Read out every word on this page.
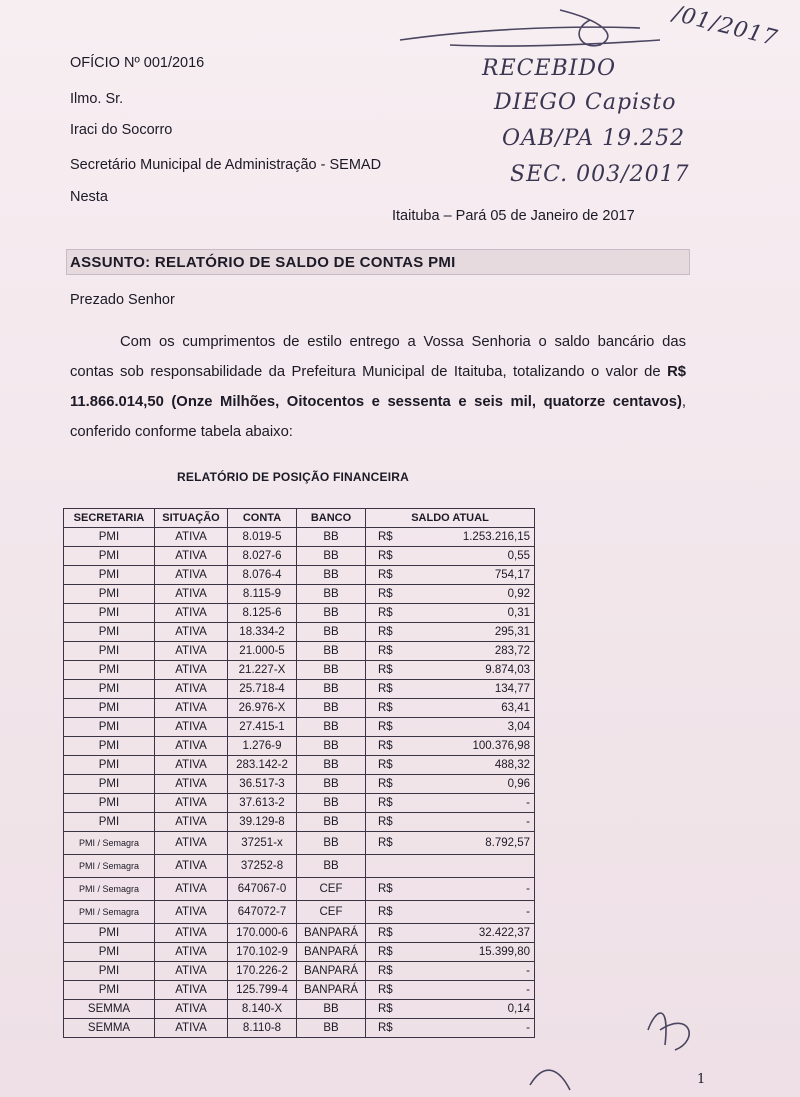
/01/2017
RECEBIDO
DIEGO Capisto
OAB/PA 19.252
SEC. 003/2017
OFÍCIO Nº 001/2016
Ilmo. Sr.
Iraci do Socorro
Secretário Municipal de Administração - SEMAD
Nesta
Itaituba – Pará 05 de Janeiro de 2017
ASSUNTO: RELATÓRIO DE SALDO DE CONTAS PMI
Prezado Senhor

Com os cumprimentos de estilo entrego a Vossa Senhoria o saldo bancário das contas sob responsabilidade da Prefeitura Municipal de Itaituba, totalizando o valor de R$ 11.866.014,50 (Onze Milhões, Oitocentos e sessenta e seis mil, quatorze centavos), conferido conforme tabela abaixo:

RELATÓRIO DE POSIÇÃO FINANCEIRA
SECRETARIA	SITUAÇÃO	CONTA	BANCO	SALDO ATUAL	
PMI	ATIVA	8.019-5	BB	R$	1.253.216,15
PMI	ATIVA	8.027-6	BB	R$	0,55
PMI	ATIVA	8.076-4	BB	R$	754,17
PMI	ATIVA	8.115-9	BB	R$	0,92
PMI	ATIVA	8.125-6	BB	R$	0,31
PMI	ATIVA	18.334-2	BB	R$	295,31
PMI	ATIVA	21.000-5	BB	R$	283,72
PMI	ATIVA	21.227-X	BB	R$	9.874,03
PMI	ATIVA	25.718-4	BB	R$	134,77
PMI	ATIVA	26.976-X	BB	R$	63,41
PMI	ATIVA	27.415-1	BB	R$	3,04
PMI	ATIVA	1.276-9	BB	R$	100.376,98
PMI	ATIVA	283.142-2	BB	R$	488,32
PMI	ATIVA	36.517-3	BB	R$	0,96
PMI	ATIVA	37.613-2	BB	R$	-
PMI	ATIVA	39.129-8	BB	R$	-
PMI / Semagra	ATIVA	37251-x	BB	R$	8.792,57
PMI / Semagra	ATIVA	37252-8	BB		
PMI / Semagra	ATIVA	647067-0	CEF	R$	-
PMI / Semagra	ATIVA	647072-7	CEF	R$	-
PMI	ATIVA	170.000-6	BANPARÁ	R$	32.422,37
PMI	ATIVA	170.102-9	BANPARÁ	R$	15.399,80
PMI	ATIVA	170.226-2	BANPARÁ	R$	-
PMI	ATIVA	125.799-4	BANPARÁ	R$	-
SEMMA	ATIVA	8.140-X	BB	R$	0,14
SEMMA	ATIVA	8.110-8	BB	R$	-
1
